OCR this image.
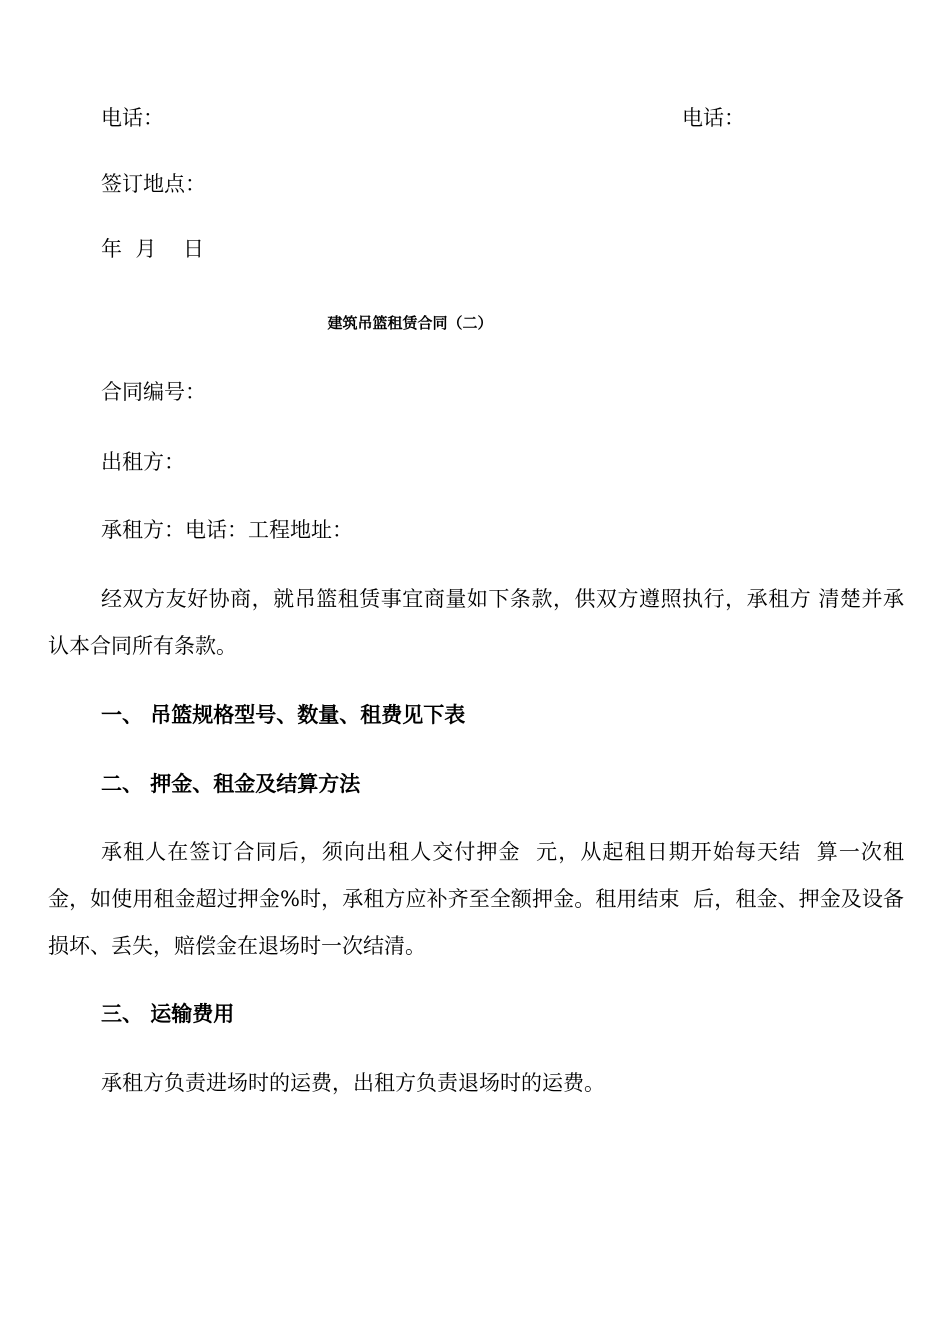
电话：	电话：
签订地点：
年  月    日
建筑吊篮租赁合同（二）
合同编号：
出租方：
承租方：电话：工程地址：
经双方友好协商，就吊篮租赁事宜商量如下条款，供双方遵照执行，承租方 清楚并承认本合同所有条款。
一、 吊篮规格型号、数量、租费见下表
二、 押金、租金及结算方法
承租人在签订合同后，须向出租人交付押金  元，从起租日期开始每天结  算一次租金，如使用租金超过押金%时，承租方应补齐至全额押金。租用结束  后，租金、押金及设备损坏、丢失，赔偿金在退场时一次结清。
三、 运输费用
承租方负责进场时的运费，出租方负责退场时的运费。
